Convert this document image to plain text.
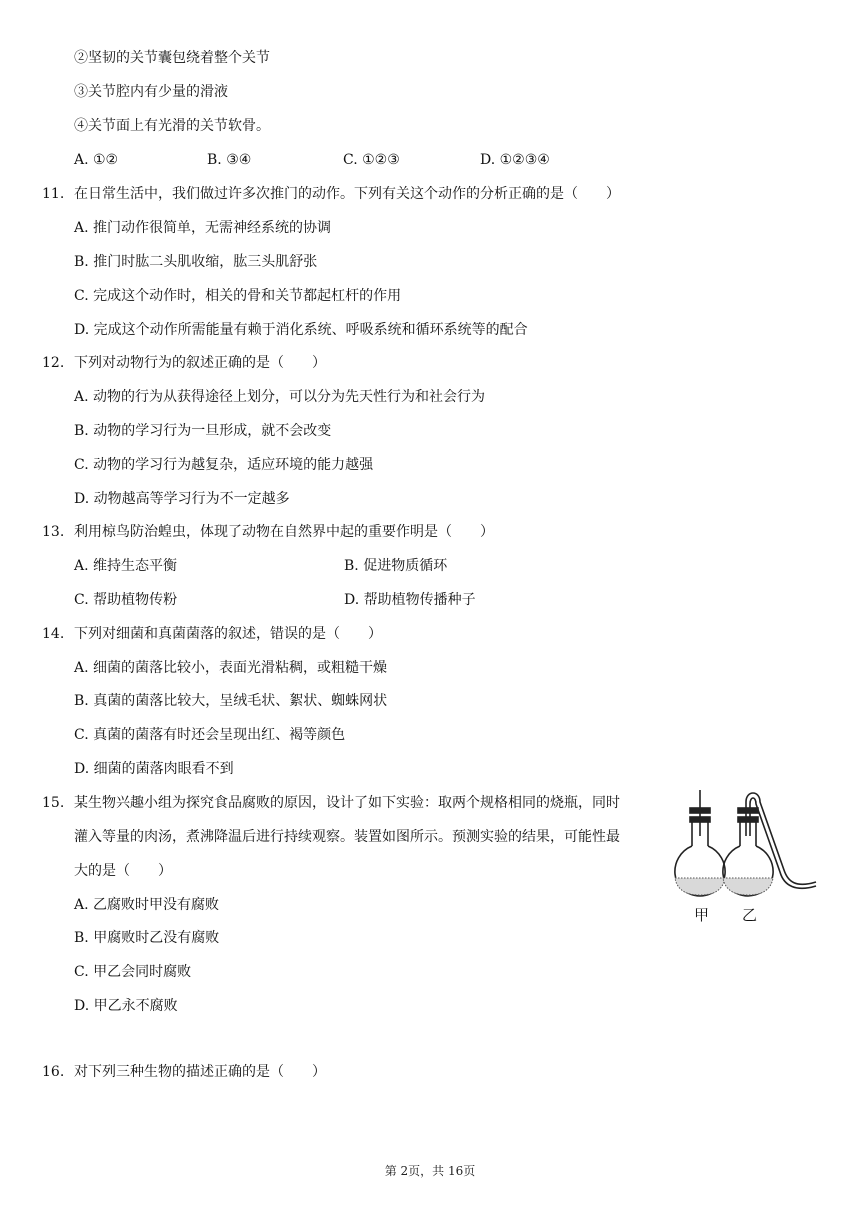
②坚韧的关节囊包绕着整个关节
③关节腔内有少量的滑液
④关节面上有光滑的关节软骨。
A. ①②	B. ③④	C. ①②③	D. ①②③④
11. 在日常生活中，我们做过许多次推门的动作。下列有关这个动作的分析正确的是（　　）
A. 推门动作很简单，无需神经系统的协调
B. 推门时肱二头肌收缩，肱三头肌舒张
C. 完成这个动作时，相关的骨和关节都起杠杆的作用
D. 完成这个动作所需能量有赖于消化系统、呼吸系统和循环系统等的配合
12. 下列对动物行为的叙述正确的是（　　）
A. 动物的行为从获得途径上划分，可以分为先天性行为和社会行为
B. 动物的学习行为一旦形成，就不会改变
C. 动物的学习行为越复杂，适应环境的能力越强
D. 动物越高等学习行为不一定越多
13. 利用椋鸟防治蝗虫，体现了动物在自然界中起的重要作明是（　　）
A. 维持生态平衡	B. 促进物质循环
C. 帮助植物传粉	D. 帮助植物传播种子
14. 下列对细菌和真菌菌落的叙述，错误的是（　　）
A. 细菌的菌落比较小，表面光滑粘稠，或粗糙干燥
B. 真菌的菌落比较大，呈绒毛状、絮状、蜘蛛网状
C. 真菌的菌落有时还会呈现出红、褐等颜色
D. 细菌的菌落肉眼看不到
15. 某生物兴趣小组为探究食品腐败的原因，设计了如下实验：取两个规格相同的烧瓶，同时
灌入等量的肉汤，煮沸降温后进行持续观察。装置如图所示。预测实验的结果，可能性最
大的是（　　）
A. 乙腐败时甲没有腐败
B. 甲腐败时乙没有腐败
C. 甲乙会同时腐败
D. 甲乙永不腐败
甲 乙
16. 对下列三种生物的描述正确的是（　　）
第 2页，共 16页
